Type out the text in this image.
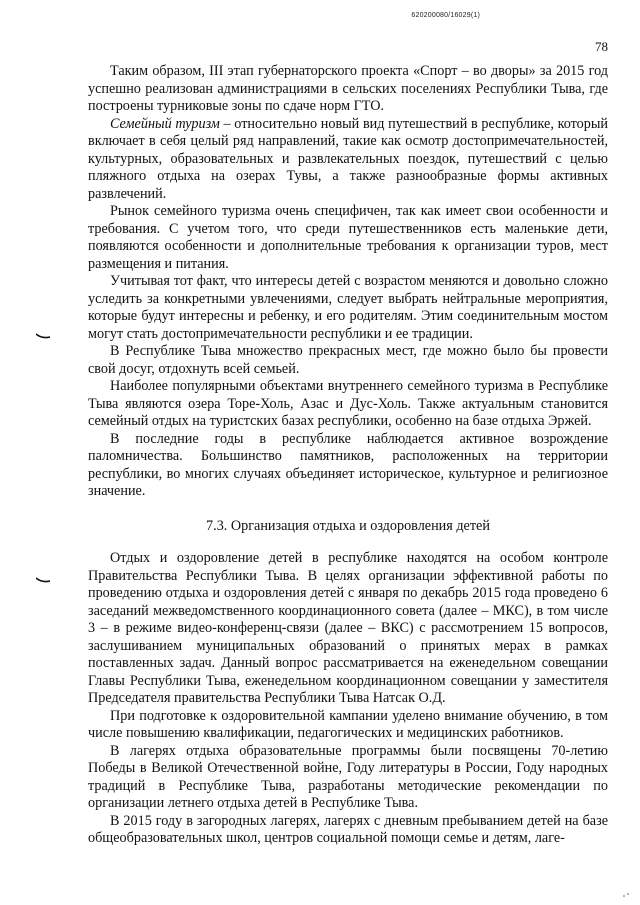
620200080/16029(1)
78

Таким образом, III этап губернаторского проекта «Спорт – во дворы» за 2015 год успешно реализован администрациями в сельских поселениях Республики Тыва, где построены турниковые зоны по сдаче норм ГТО.

Семейный туризм – относительно новый вид путешествий в республике, который включает в себя целый ряд направлений, такие как осмотр достопримечательностей, культурных, образовательных и развлекательных поездок, путешествий с целью пляжного отдыха на озерах Тувы, а также разнообразные формы активных развлечений.

Рынок семейного туризма очень специфичен, так как имеет свои особенности и требования. С учетом того, что среди путешественников есть маленькие дети, появляются особенности и дополнительные требования к организации туров, мест размещения и питания.

Учитывая тот факт, что интересы детей с возрастом меняются и довольно сложно уследить за конкретными увлечениями, следует выбрать нейтральные мероприятия, которые будут интересны и ребенку, и его родителям. Этим соединительным мостом могут стать достопримечательности республики и ее традиции.

В Республике Тыва множество прекрасных мест, где можно было бы провести свой досуг, отдохнуть всей семьей.

Наиболее популярными объектами внутреннего семейного туризма в Республике Тыва являются озера Торе-Холь, Азас и Дус-Холь. Также актуальным становится семейный отдых на туристских базах республики, особенно на базе отдыха Эржей.

В последние годы в республике наблюдается активное возрождение паломничества. Большинство памятников, расположенных на территории республики, во многих случаях объединяет историческое, культурное и религиозное значение.

7.3. Организация отдыха и оздоровления детей

Отдых и оздоровление детей в республике находятся на особом контроле Правительства Республики Тыва. В целях организации эффективной работы по проведению отдыха и оздоровления детей с января по декабрь 2015 года проведено 6 заседаний межведомственного координационного совета (далее – МКС), в том числе 3 – в режиме видео-конференц-связи (далее – ВКС) с рассмотрением 15 вопросов, заслушиванием муниципальных образований о принятых мерах в рамках поставленных задач. Данный вопрос рассматривается на еженедельном совещании Главы Республики Тыва, еженедельном координационном совещании у заместителя Председателя правительства Республики Тыва Натсак О.Д.

При подготовке к оздоровительной кампании уделено внимание обучению, в том числе повышению квалификации, педагогических и медицинских работников.

В лагерях отдыха образовательные программы были посвящены 70-летию Победы в Великой Отечественной войне, Году литературы в России, Году народных традиций в Республике Тыва, разработаны методические рекомендации по организации летнего отдыха детей в Республике Тыва.

В 2015 году в загородных лагерях, лагерях с дневным пребыванием детей на базе общеобразовательных школ, центров социальной помощи семье и детям, лаге-
